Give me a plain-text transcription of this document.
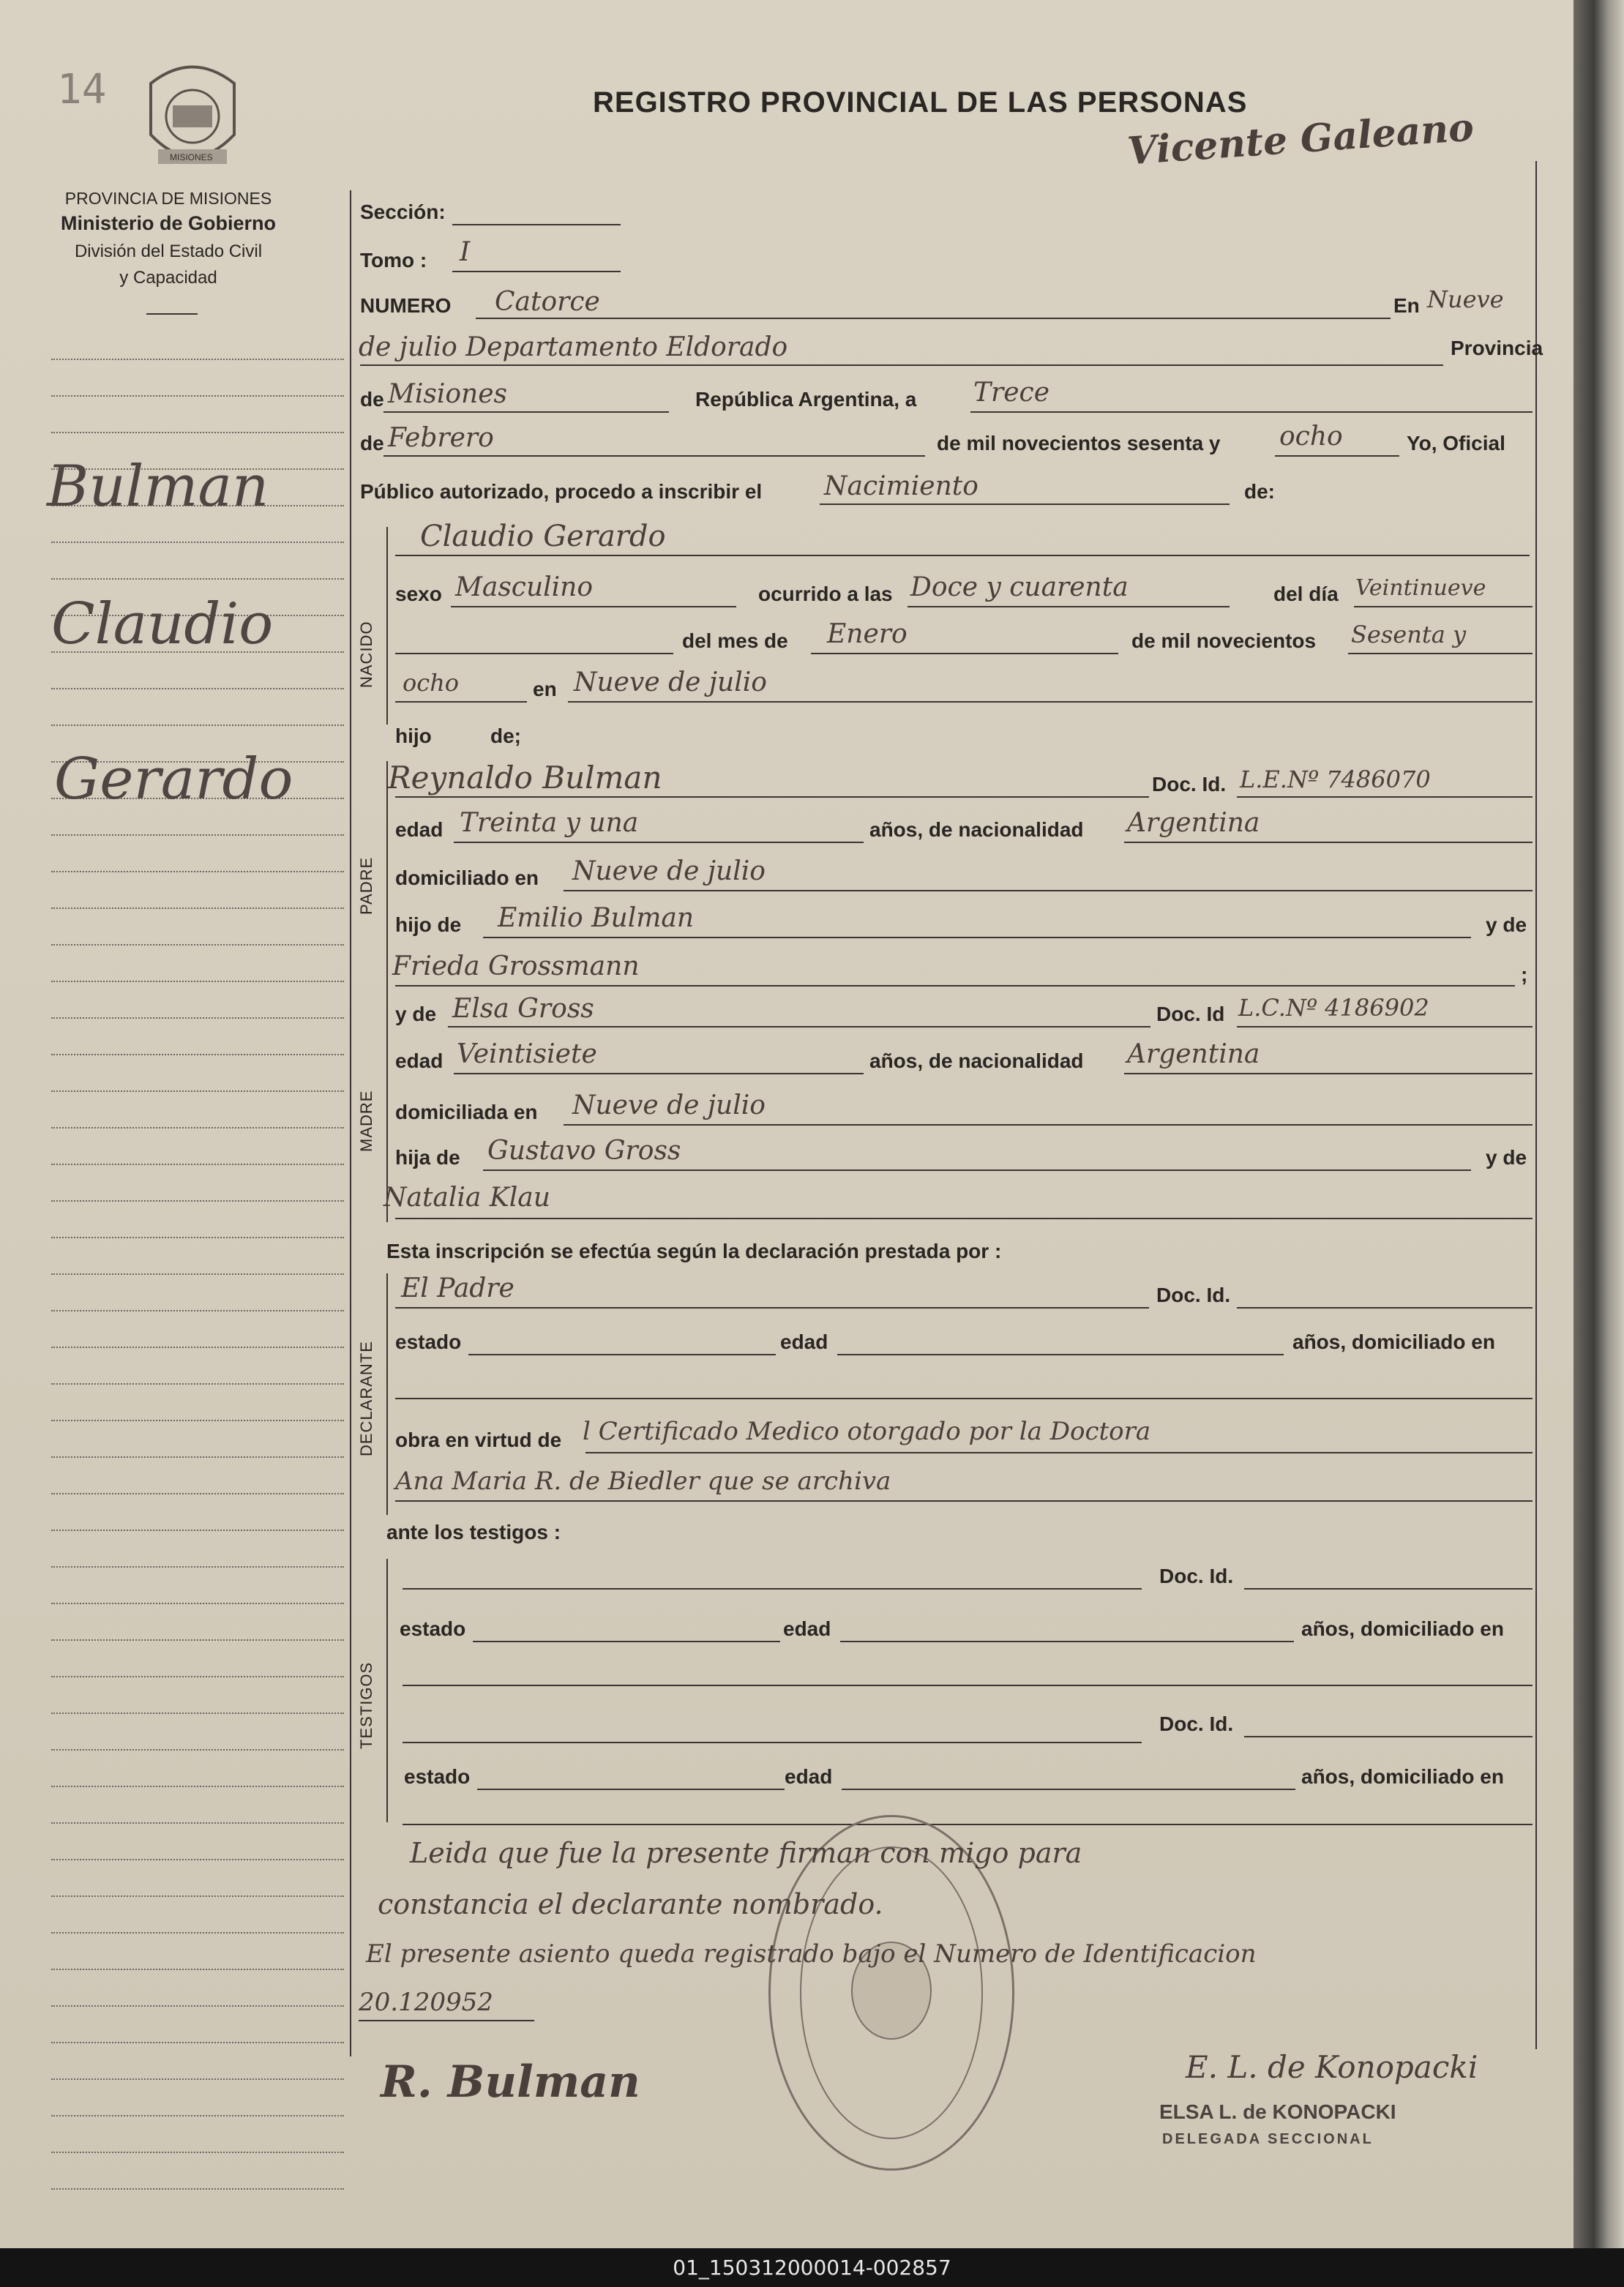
14
MISIONES
PROVINCIA DE MISIONES
Ministerio de Gobierno
División del Estado Civil
y Capacidad
Bulman
Claudio
Gerardo
REGISTRO PROVINCIAL DE LAS PERSONAS
Vicente Galeano
NACIDO
PADRE
MADRE
DECLARANTE
TESTIGOS
Sección:
Tomo : I
NUMERO Catorce	En Nueve
de julio Departamento Eldorado	Provincia
de Misiones	República Argentina, a Trece
de Febrero	de mil novecientos sesenta y ocho	Yo, Oficial
Público autorizado, procedo a inscribir el Nacimiento	de:
Claudio Gerardo
sexo Masculino	ocurrido a las Doce y cuarenta	del día Veintinueve
del mes de Enero	de mil novecientos Sesenta y
ocho	en Nueve de julio
hijo	de;
Reynaldo Bulman	Doc. Id. L.E.Nº 7486070
edad Treinta y una	años, de nacionalidad Argentina
domiciliado en Nueve de julio
hijo de Emilio Bulman	y de
Frieda Grossmann	;
y de Elsa Gross	Doc. Id L.C.Nº 4186902
edad Veintisiete	años, de nacionalidad Argentina
domiciliada en Nueve de julio
hija de Gustavo Gross	y de
Natalia Klau
Esta inscripción se efectúa según la declaración prestada por :
El Padre	Doc. Id.
estado	edad	años, domiciliado en
obra en virtud de l Certificado Medico otorgado por la Doctora
Ana Maria R. de Biedler que se archiva
ante los testigos :
Doc. Id.
estado	edad	años, domiciliado en
Doc. Id.
estado	edad	años, domiciliado en
Leida que fue la presente firman con migo para
constancia el declarante nombrado.
El presente asiento queda registrado bajo el Numero de Identificacion
20.120952
R. Bulman	E. L. de Konopacki
ELSA L. de KONOPACKI
DELEGADA SECCIONAL
01_150312000014-002857
